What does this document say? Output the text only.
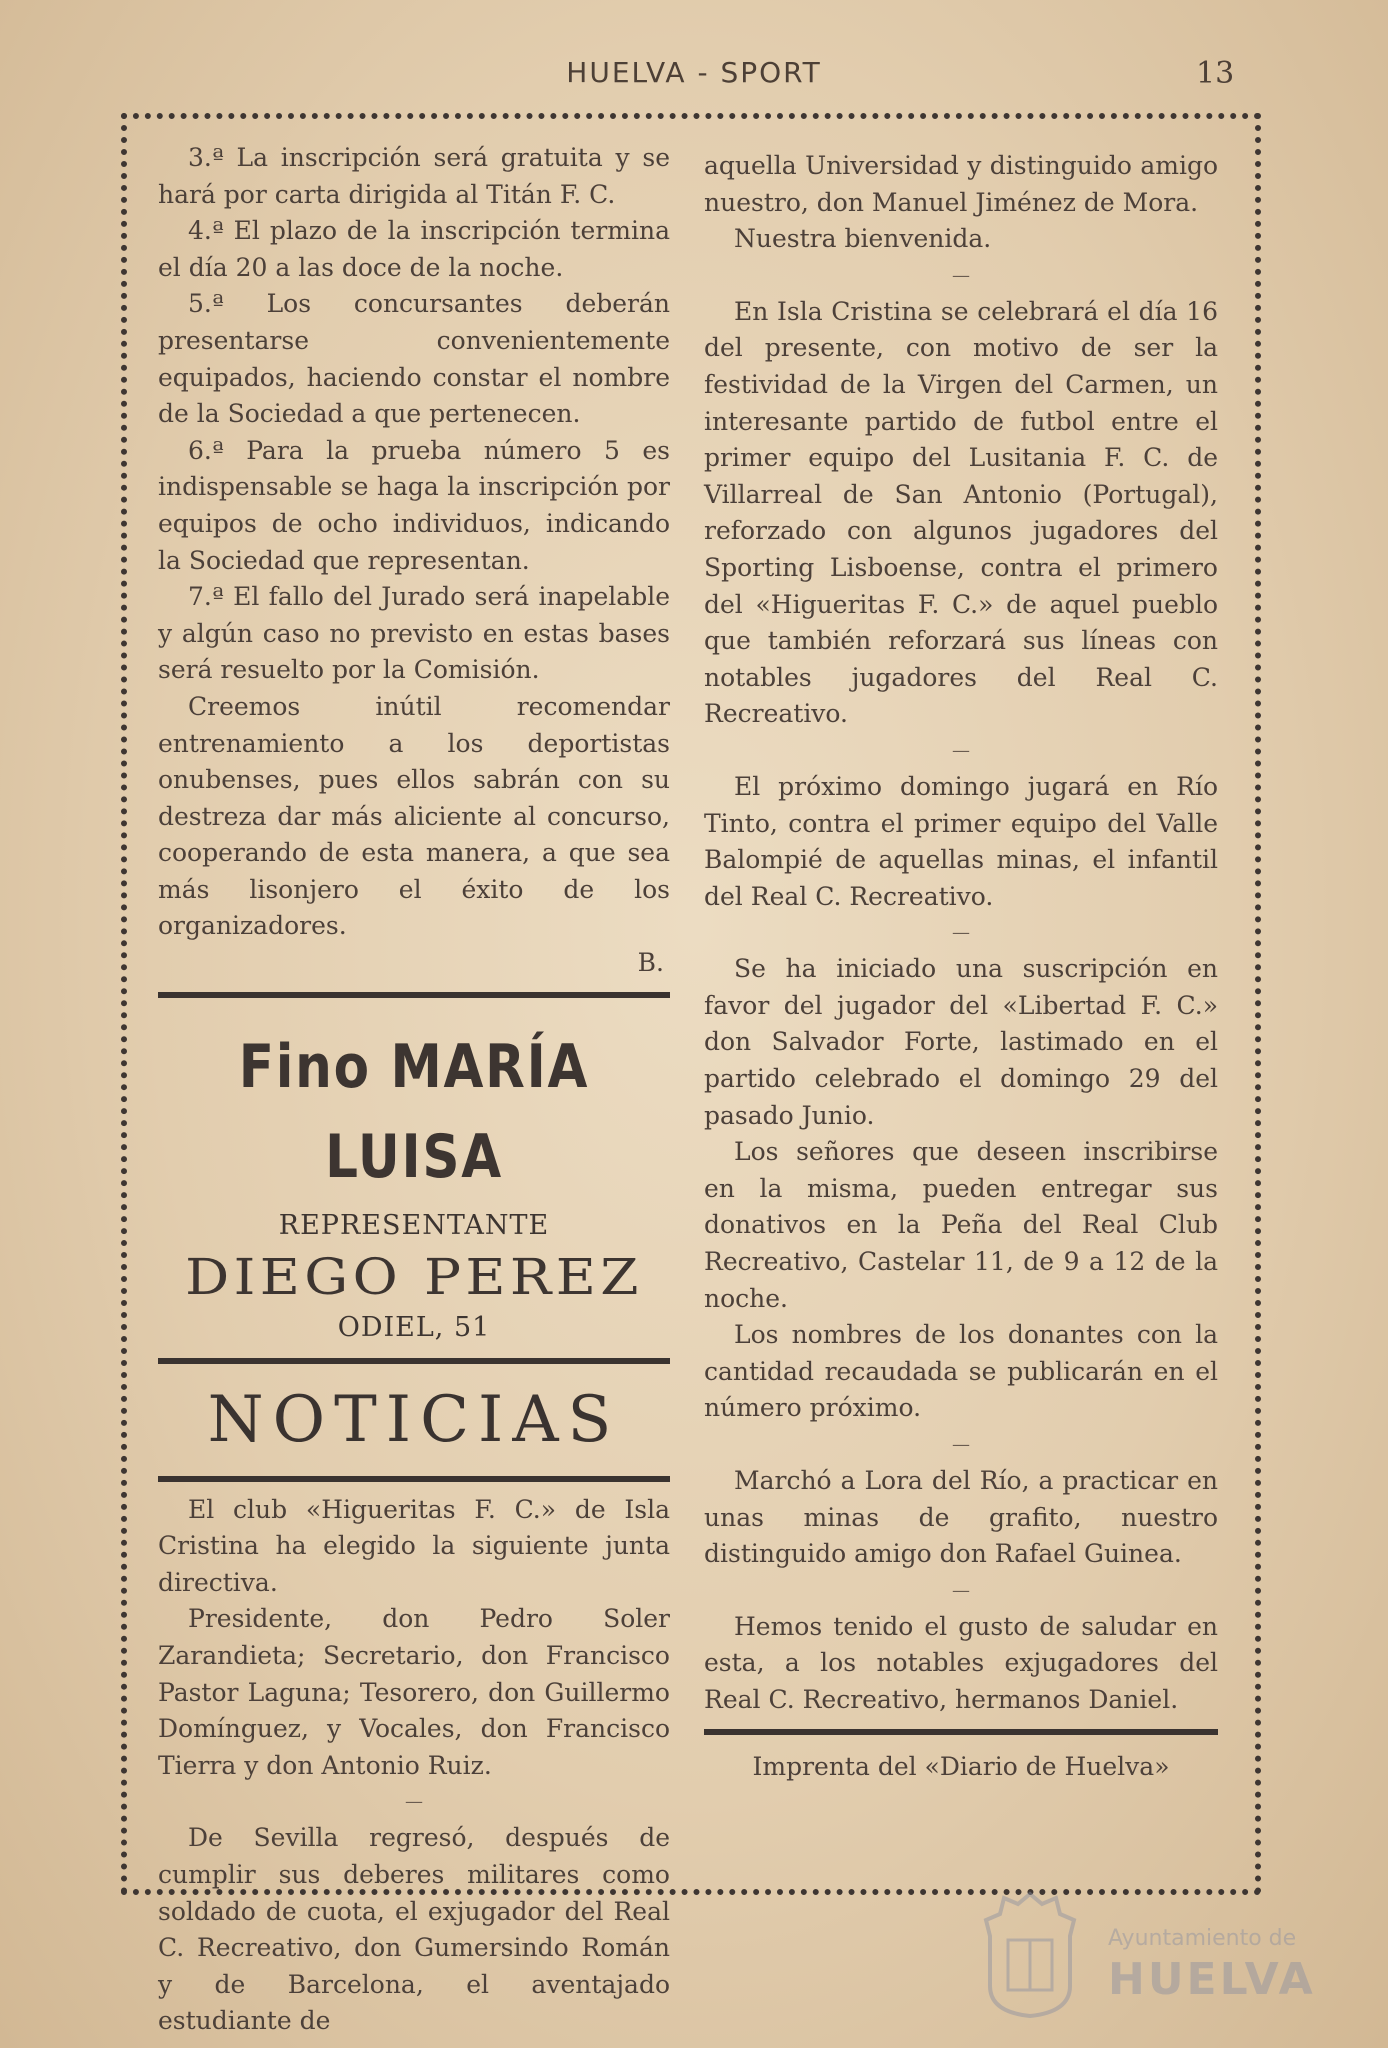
HUELVA - SPORT	13

3.ª La inscripción será gratuita y se hará por carta dirigida al Titán F. C.

4.ª El plazo de la inscripción termina el día 20 a las doce de la noche.

5.ª Los concursantes deberán presentarse convenientemente equipados, haciendo constar el nombre de la Sociedad a que pertenecen.

6.ª Para la prueba número 5 es indispensable se haga la inscripción por equipos de ocho individuos, indicando la Sociedad que representan.

7.ª El fallo del Jurado será inapelable y algún caso no previsto en estas bases será resuelto por la Comisión.

Creemos inútil recomendar entrenamiento a los deportistas onubenses, pues ellos sabrán con su destreza dar más aliciente al concurso, cooperando de esta manera, a que sea más lisonjero el éxito de los organizadores.

B.

Fino MARÍA LUISA
REPRESENTANTE
DIEGO PEREZ
ODIEL, 51
NOTICIAS

El club «Higueritas F. C.» de Isla Cristina ha elegido la siguiente junta directiva.

Presidente, don Pedro Soler Zarandieta; Secretario, don Francisco Pastor Laguna; Tesorero, don Guillermo Domínguez, y Vocales, don Francisco Tierra y don Antonio Ruiz.

—

De Sevilla regresó, después de cumplir sus deberes militares como soldado de cuota, el exjugador del Real C. Recreativo, don Gumersindo Román y de Barcelona, el aventajado estudiante de

aquella Universidad y distinguido amigo nuestro, don Manuel Jiménez de Mora.

Nuestra bienvenida.

—

En Isla Cristina se celebrará el día 16 del presente, con motivo de ser la festividad de la Virgen del Carmen, un interesante partido de futbol entre el primer equipo del Lusitania F. C. de Villarreal de San Antonio (Portugal), reforzado con algunos jugadores del Sporting Lisboense, contra el primero del «Higueritas F. C.» de aquel pueblo que también reforzará sus líneas con notables jugadores del Real C. Recreativo.

—

El próximo domingo jugará en Río Tinto, contra el primer equipo del Valle Balompié de aquellas minas, el infantil del Real C. Recreativo.

—

Se ha iniciado una suscripción en favor del jugador del «Libertad F. C.» don Salvador Forte, lastimado en el partido celebrado el domingo 29 del pasado Junio.

Los señores que deseen inscribirse en la misma, pueden entregar sus donativos en la Peña del Real Club Recreativo, Castelar 11, de 9 a 12 de la noche.

Los nombres de los donantes con la cantidad recaudada se publicarán en el número próximo.

—

Marchó a Lora del Río, a practicar en unas minas de grafito, nuestro distinguido amigo don Rafael Guinea.

—

Hemos tenido el gusto de saludar en esta, a los notables exjugadores del Real C. Recreativo, hermanos Daniel.

Imprenta del «Diario de Huelva»

Ayuntamiento de
HUELVA
